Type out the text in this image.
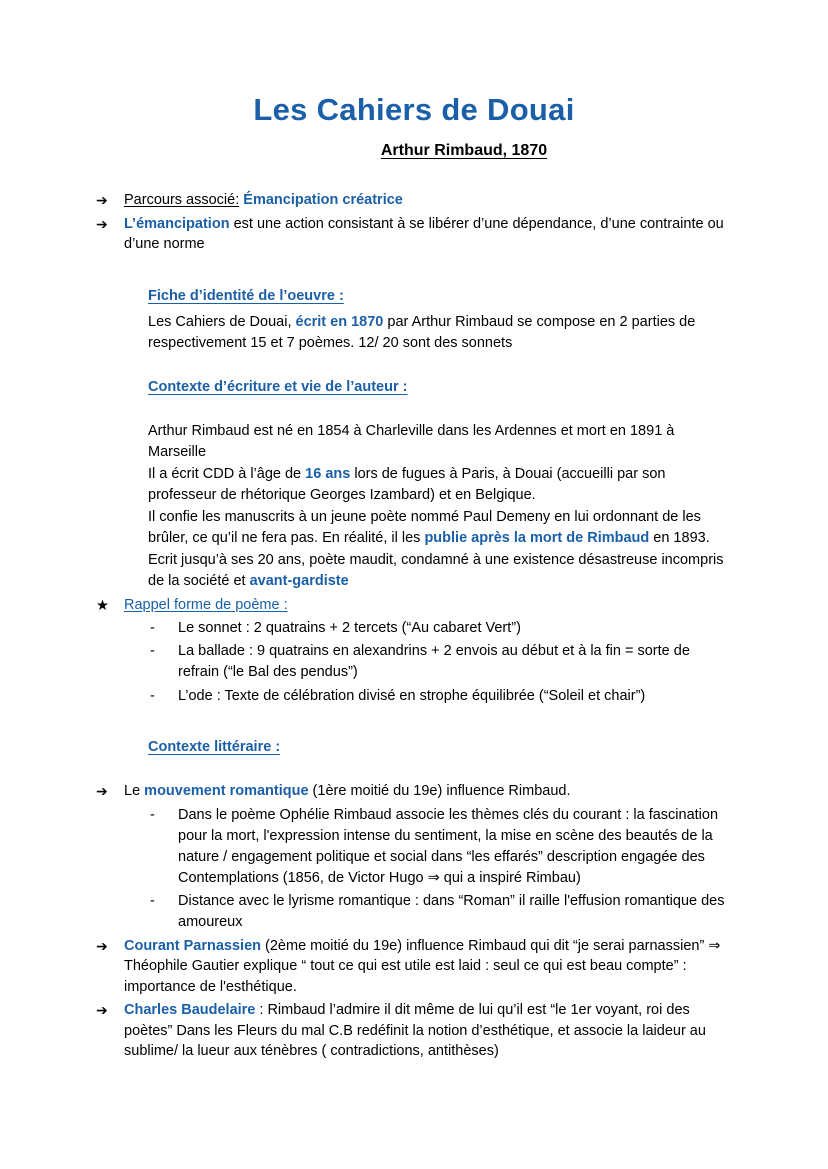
Les Cahiers de Douai
Arthur Rimbaud, 1870
➔	Parcours associé: Émancipation créatrice
➔	L’émancipation est une action consistant à se libérer d’une dépendance, d’une contrainte ou d’une norme
Fiche d’identité de l’oeuvre :

Les Cahiers de Douai, écrit en 1870 par Arthur Rimbaud se compose en 2 parties de respectivement 15 et 7 poèmes. 12/ 20 sont des sonnets

Contexte d’écriture et vie de l’auteur :

Arthur Rimbaud est né en 1854 à Charleville dans les Ardennes et mort en 1891 à Marseille

Il a écrit CDD à l’âge de 16 ans lors de fugues à Paris, à Douai (accueilli par son professeur de rhétorique Georges Izambard) et en Belgique.

Il confie les manuscrits à un jeune poète nommé Paul Demeny en lui ordonnant de les brûler, ce qu’il ne fera pas. En réalité, il les publie après la mort de Rimbaud en 1893. Ecrit jusqu’à ses 20 ans, poète maudit, condamné à une existence désastreuse incompris de la société et avant-gardiste

★	Rappel forme de poème :
- Le sonnet : 2 quatrains + 2 tercets (“Au cabaret Vert”)
- La ballade : 9 quatrains en alexandrins + 2 envois au début et à la fin = sorte de refrain (“le Bal des pendus”)
- L’ode : Texte de célébration divisé en strophe équilibrée (“Soleil et chair”)
Contexte littéraire :
➔	Le mouvement romantique (1ère moitié du 19e) influence Rimbaud.
- Dans le poème Ophélie Rimbaud associe les thèmes clés du courant : la fascination pour la mort, l'expression intense du sentiment, la mise en scène des beautés de la nature / engagement politique et social dans “les effarés” description engagée des Contemplations (1856, de Victor Hugo ⇒ qui a inspiré Rimbau)
- Distance avec le lyrisme romantique : dans “Roman” il raille l'effusion romantique des amoureux
➔	Courant Parnassien (2ème moitié du 19e) influence Rimbaud qui dit “je serai parnassien” ⇒ Théophile Gautier explique “ tout ce qui est utile est laid : seul ce qui est beau compte” : importance de l'esthétique.
➔	Charles Baudelaire : Rimbaud l’admire il dit même de lui qu’il est “le 1er voyant, roi des poètes” Dans les Fleurs du mal C.B redéfinit la notion d’esthétique, et associe la laideur au sublime/ la lueur aux ténèbres ( contradictions, antithèses)
